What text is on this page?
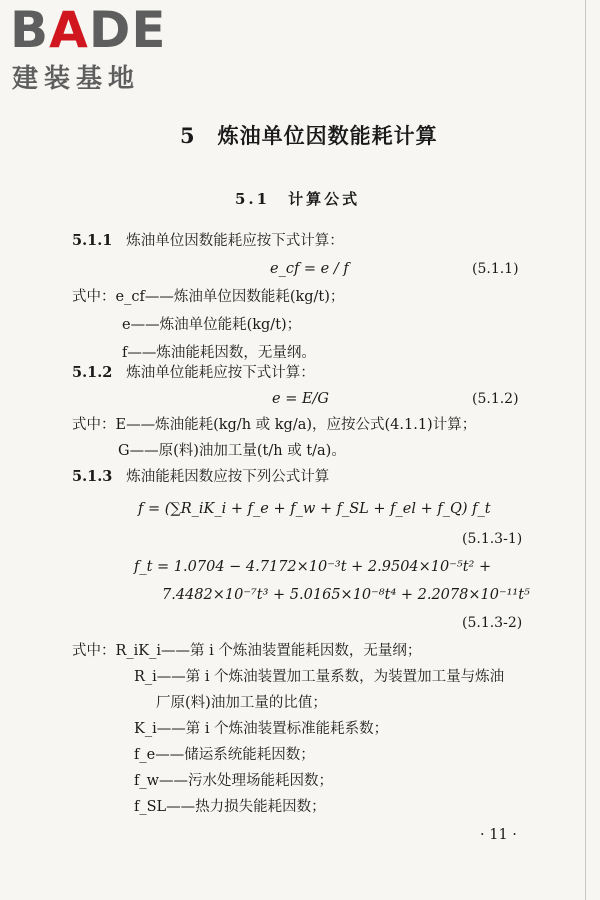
BADE
建装基地
5　炼油单位因数能耗计算
5.1　计算公式
5.1.1 炼油单位因数能耗应按下式计算：
e_cf = e / f	(5.1.1)
式中：e_cf——炼油单位因数能耗(kg/t)；
e——炼油单位能耗(kg/t)；
f——炼油能耗因数，无量纲。
5.1.2 炼油单位能耗应按下式计算：
e = E/G	(5.1.2)
式中：E——炼油能耗(kg/h 或 kg/a)，应按公式(4.1.1)计算；
G——原(料)油加工量(t/h 或 t/a)。
5.1.3 炼油能耗因数应按下列公式计算
f = (∑R_iK_i + f_e + f_w + f_SL + f_el + f_Q) f_t
(5.1.3-1)
f_t = 1.0704 − 4.7172×10⁻³t + 2.9504×10⁻⁵t² +
7.4482×10⁻⁷t³ + 5.0165×10⁻⁸t⁴ + 2.2078×10⁻¹¹t⁵
(5.1.3-2)
式中：R_iK_i——第 i 个炼油装置能耗因数，无量纲；
R_i——第 i 个炼油装置加工量系数，为装置加工量与炼油
厂原(料)油加工量的比值；
K_i——第 i 个炼油装置标准能耗系数；
f_e——储运系统能耗因数；
f_w——污水处理场能耗因数；
f_SL——热力损失能耗因数；
· 11 ·
